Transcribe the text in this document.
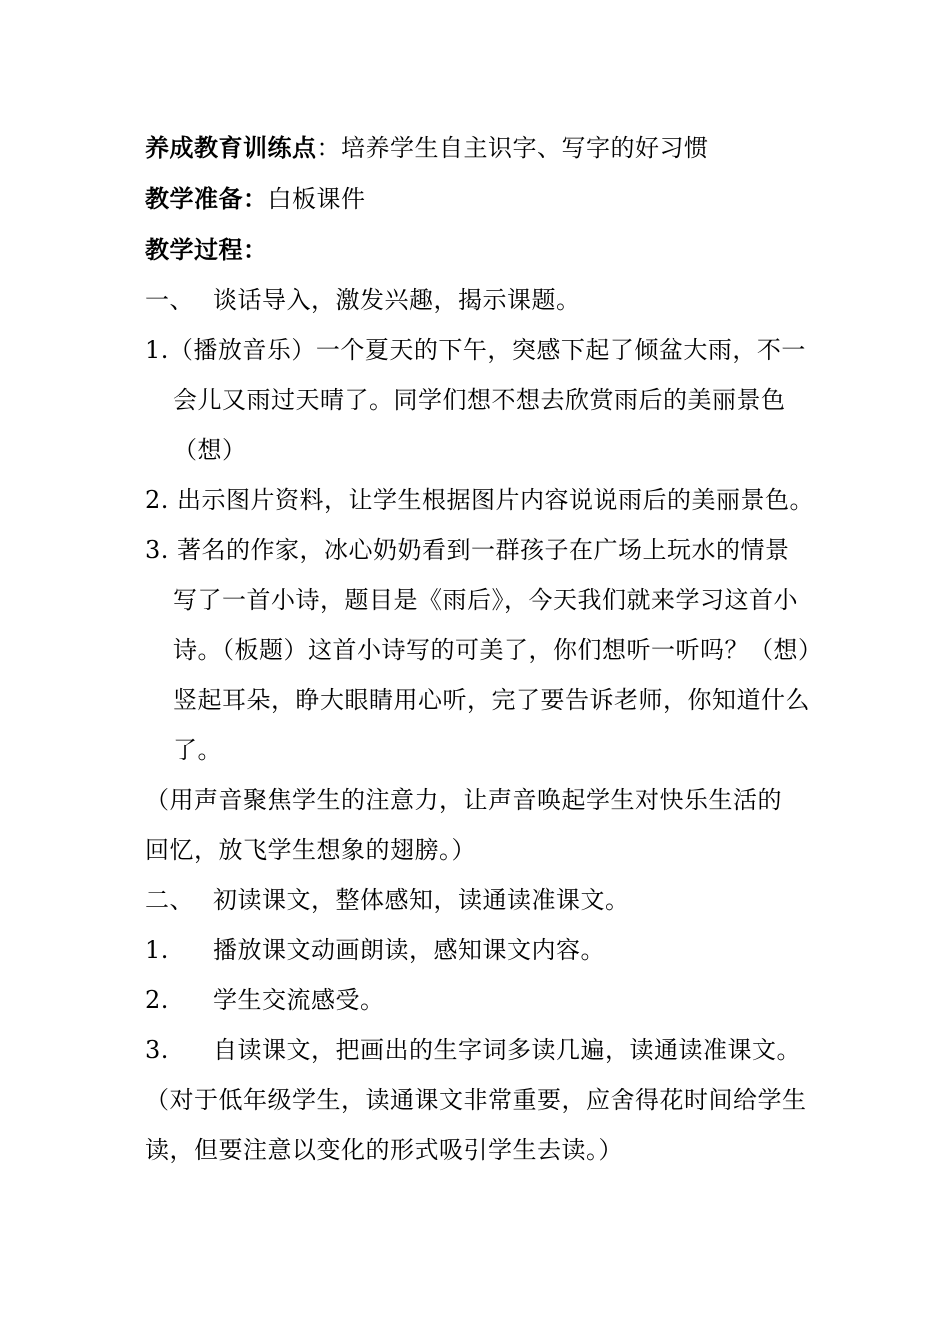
养成教育训练点：培养学生自主识字、写字的好习惯
教学准备：白板课件
教学过程：
一、 谈话导入，激发兴趣，揭示课题。
1.（播放音乐）一个夏天的下午，突感下起了倾盆大雨，不一
会儿又雨过天晴了。同学们想不想去欣赏雨后的美丽景色
（想）
2. 出示图片资料，让学生根据图片内容说说雨后的美丽景色。
3. 著名的作家，冰心奶奶看到一群孩子在广场上玩水的情景
写了一首小诗，题目是《雨后》，今天我们就来学习这首小
诗。（板题）这首小诗写的可美了，你们想听一听吗？（想）
竖起耳朵，睁大眼睛用心听，完了要告诉老师，你知道什么
了。
（用声音聚焦学生的注意力，让声音唤起学生对快乐生活的
回忆，放飞学生想象的翅膀。）
二、 初读课文，整体感知，读通读准课文。
1. 播放课文动画朗读，感知课文内容。
2. 学生交流感受。
3. 自读课文，把画出的生字词多读几遍，读通读准课文。
（对于低年级学生，读通课文非常重要，应舍得花时间给学生
读，但要注意以变化的形式吸引学生去读。）
